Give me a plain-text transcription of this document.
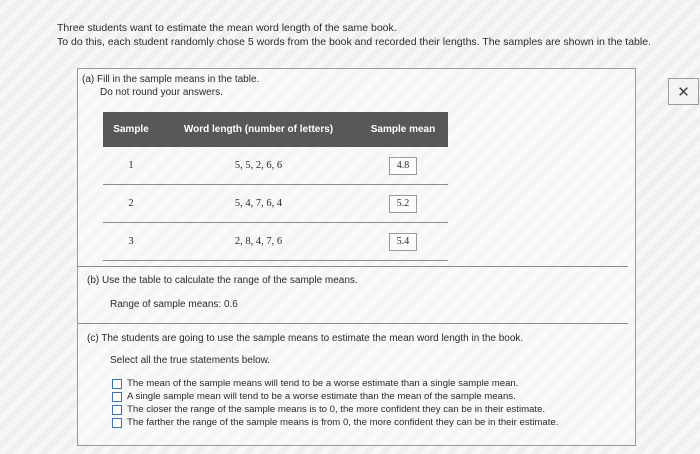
Three students want to estimate the mean word length of the same book.

To do this, each student randomly chose 5 words from the book and recorded their lengths. The samples are shown in the table.

✕

(a) Fill in the sample means in the table.

Do not round your answers.

Sample	Word length (number of letters)	Sample mean
1	5, 5, 2, 6, 6	4.8
2	5, 4, 7, 6, 4	5.2
3	2, 8, 4, 7, 6	5.4
(b) Use the table to calculate the range of the sample means.
Range of sample means: 0.6
(c) The students are going to use the sample means to estimate the mean word length in the book.
Select all the true statements below.
The mean of the sample means will tend to be a worse estimate than a single sample mean.
A single sample mean will tend to be a worse estimate than the mean of the sample means.
The closer the range of the sample means is to 0, the more confident they can be in their estimate.
The farther the range of the sample means is from 0, the more confident they can be in their estimate.
